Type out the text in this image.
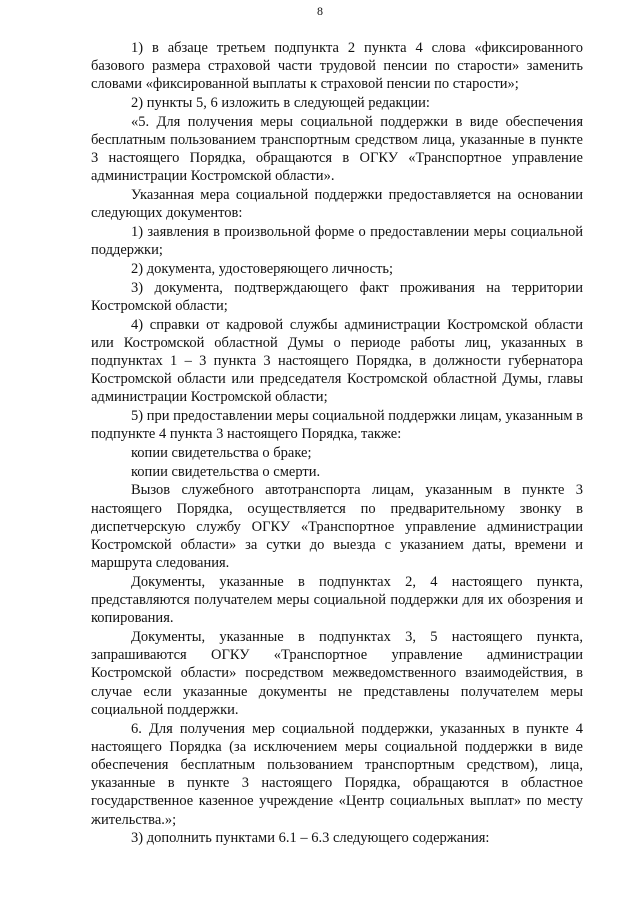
8

1) в абзаце третьем подпункта 2 пункта 4 слова «фиксированного базового размера страховой части трудовой пенсии по старости» заменить словами «фиксированной выплаты к страховой пенсии по старости»;

2) пункты 5, 6 изложить в следующей редакции:

«5. Для получения меры социальной поддержки в виде обеспечения бесплатным пользованием транспортным средством лица, указанные в пункте 3 настоящего Порядка, обращаются в ОГКУ «Транспортное управление администрации Костромской области».

Указанная мера социальной поддержки предоставляется на основании следующих документов:

1) заявления в произвольной форме о предоставлении меры социальной поддержки;

2) документа, удостоверяющего личность;

3) документа, подтверждающего факт проживания на территории Костромской области;

4) справки от кадровой службы администрации Костромской области или Костромской областной Думы о периоде работы лиц, указанных в подпунктах 1 – 3 пункта 3 настоящего Порядка, в должности губернатора Костромской области или председателя Костромской областной Думы, главы администрации Костромской области;

5) при предоставлении меры социальной поддержки лицам, указанным в подпункте 4 пункта 3 настоящего Порядка, также:

копии свидетельства о браке;

копии свидетельства о смерти.

Вызов служебного автотранспорта лицам, указанным в пункте 3 настоящего Порядка, осуществляется по предварительному звонку в диспетчерскую службу ОГКУ «Транспортное управление администрации Костромской области» за сутки до выезда с указанием даты, времени и маршрута следования.

Документы, указанные в подпунктах 2, 4 настоящего пункта, представляются получателем меры социальной поддержки для их обозрения и копирования.

Документы, указанные в подпунктах 3, 5 настоящего пункта, запрашиваются ОГКУ «Транспортное управление администрации Костромской области» посредством межведомственного взаимодействия, в случае если указанные документы не представлены получателем меры социальной поддержки.

6. Для получения мер социальной поддержки, указанных в пункте 4 настоящего Порядка (за исключением меры социальной поддержки в виде обеспечения бесплатным пользованием транспортным средством), лица, указанные в пункте 3 настоящего Порядка, обращаются в областное государственное казенное учреждение «Центр социальных выплат» по месту жительства.»;

3) дополнить пунктами 6.1 – 6.3 следующего содержания:
